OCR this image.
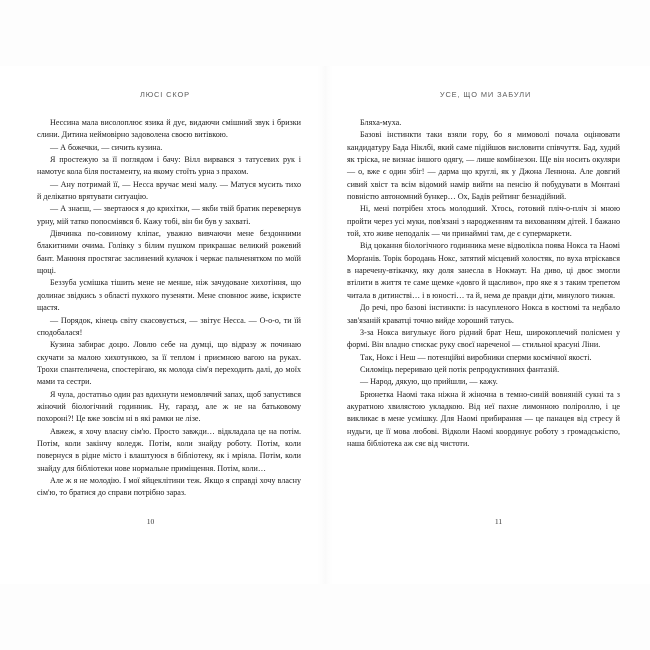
ЛЮСІ СКОР

Нессина мала висолоплює язика й дує, видаючи смішний звук і бризки слини. Дитина неймовірно задоволена своєю витівкою.

— А божечки, — сичить кузина.

Я простежую за її поглядом і бачу: Вілл вирвався з татусевих рук і намотує кола біля постаменту, на якому стоїть урна з прахом.

— Ану потримай її, — Несса вручає мені малу. — Матуся мусить тихо й делікатно врятувати ситуацію.

— А знаєш, — звертаюся я до крихітки, — якби твій братик перевернув урну, мій татко попосміявся б. Кажу тобі, він би був у захваті.

Дівчинка по-совиному кліпає, уважно вивчаючи мене бездонними блакитними очима. Голівку з білим пушком прикрашає великий рожевий бант. Манюня простягає заслинений кулачок і черкає пальченятком по моїй щоці.

Беззуба усмішка тішить мене не менше, ніж зачудоване хихотіння, що долинає звідкись з області пухкого пузеняти. Мене сповнює живе, іскристе щастя.

— Порядок, кінець світу скасовується, — звітує Несса. — О-о-о, ти їй сподобалася!

Кузина забирає доцю. Ловлю себе на думці, що відразу ж починаю скучати за малою хихотункою, за її теплом і приємною вагою на руках. Трохи спантеличена, спостерігаю, як молода сім'я переходить далі, до моїх мами та сестри.

Я чула, достатньо один раз вдихнути немовлячий запах, щоб запустився жіночий біологічний годинник. Ну, гаразд, але ж не на батьковому похороні?! Це вже зовсім ні в які рамки не лізе.

Авжеж, я хочу власну сім'ю. Просто завжди… відкладала це на потім. Потім, коли закінчу коледж. Потім, коли знайду роботу. Потім, коли повернуся в рідне місто і влаштуюся в бібліотеку, як і мріяла. Потім, коли знайду для бібліотеки нове нормальне приміщення. Потім, коли…

Але ж я не молодію. І мої яйцеклітини теж. Якщо я справді хочу власну сім'ю, то братися до справи потрібно зараз.

10
УСЕ, ЩО МИ ЗАБУЛИ

Бляха-муха.

Базові інстинкти таки взяли гору, бо я мимоволі почала оцінювати кандидатуру Бада Ніклбі, який саме підійшов висловити співчуття. Бад, худий як тріска, не визнає іншого одягу, — лише комбінезон. Ще він носить окуляри — о, вже є один збіг! — дарма що круглі, як у Джона Леннона. Але довгий сивий хвіст та всім відомий намір вийти на пенсію й побудувати в Монтані повністю автономний бункер… Ох, Бадів рейтинг безнадійний.

Ні, мені потрібен хтось молодший. Хтось, готовий пліч-о-пліч зі мною пройти через усі муки, пов'язані з народженням та вихованням дітей. І бажано той, хто живе неподалік — чи принаймні там, де є супермаркети.

Від цокання біологічного годинника мене відволікла поява Нокса та Наомі Морґанів. Торік бородань Нокс, затятий місцевий холостяк, по вуха втріскався в наречену-втікачку, яку доля занесла в Нокмаут. На диво, ці двоє змогли втілити в життя те саме щемке «довго й щасливо», про яке я з таким трепетом читала в дитинстві… і в юності… та й, нема де правди діти, минулого тижня.

До речі, про базові інстинкти: із насупленого Нокса в костюмі та недбало зав'язаній краватці точно вийде хороший татусь.

З-за Нокса вигулькує його рідний брат Неш, широкоплечий полісмен у формі. Він владно стискає руку своєї нареченої — стильної красуні Ліни.

Так, Нокс і Неш — потенційні виробники сперми космічної якості.

Силоміць перериваю цей потік репродуктивних фантазій.

— Народ, дякую, що прийшли, — кажу.

Брюнетка Наомі така ніжна й жіночна в темно-синій вовняній сукні та з акуратною хвилястою укладкою. Від неї пахне лимонною поліроллю, і це викликає в мене усмішку. Для Наомі прибирання — це панацея від стресу й нудьги, це її мова любові. Відколи Наомі координує роботу з громадськістю, наша бібліотека аж сяє від чистоти.

11
